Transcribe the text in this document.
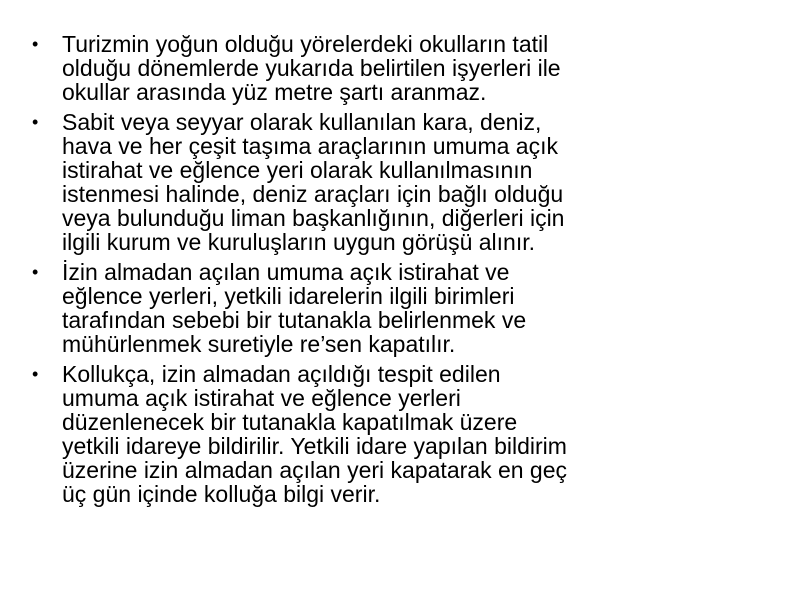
•	Turizmin yoğun olduğu yörelerdeki okulların tatil
olduğu dönemlerde yukarıda belirtilen işyerleri ile
okullar arasında yüz metre şartı aranmaz.
•	Sabit veya seyyar olarak kullanılan kara, deniz,
hava ve her çeşit taşıma araçlarının umuma açık
istirahat ve eğlence yeri olarak kullanılmasının
istenmesi halinde, deniz araçları için bağlı olduğu
veya bulunduğu liman başkanlığının, diğerleri için
ilgili kurum ve kuruluşların uygun görüşü alınır.
•	İzin almadan açılan umuma açık istirahat ve
eğlence yerleri, yetkili idarelerin ilgili birimleri
tarafından sebebi bir tutanakla belirlenmek ve
mühürlenmek suretiyle re’sen kapatılır.
•	Kollukça, izin almadan açıldığı tespit edilen
umuma açık istirahat ve eğlence yerleri
düzenlenecek bir tutanakla kapatılmak üzere
yetkili idareye bildirilir. Yetkili idare yapılan bildirim
üzerine izin almadan açılan yeri kapatarak en geç
üç gün içinde kolluğa bilgi verir.
